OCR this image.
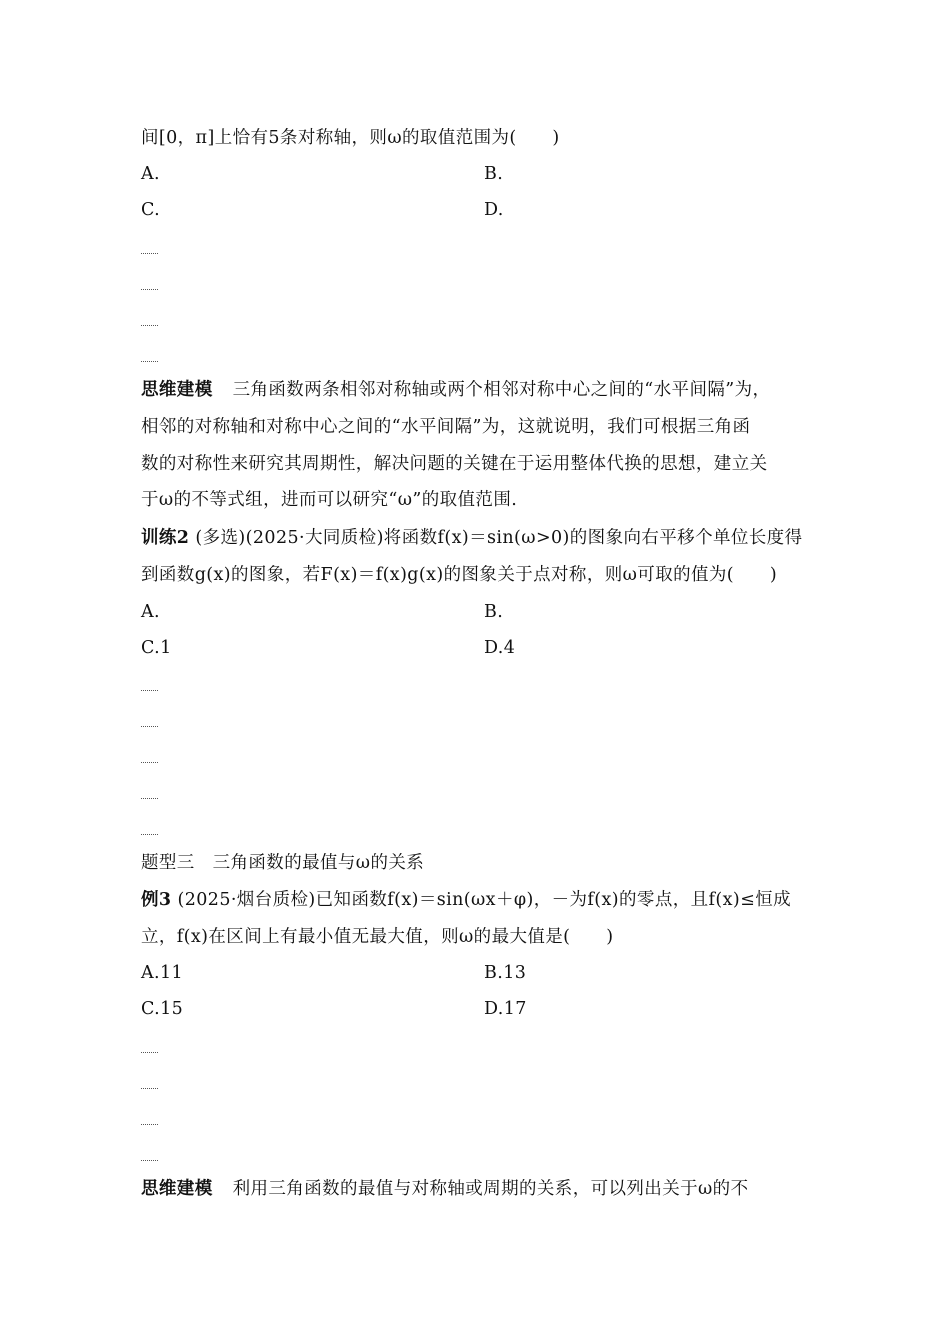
间[0，π]上恰有5条对称轴，则ω的取值范围为(　　)
A.	B.
C.	D.
思维建模 三角函数两条相邻对称轴或两个相邻对称中心之间的“水平间隔”为，
相邻的对称轴和对称中心之间的“水平间隔”为，这就说明，我们可根据三角函
数的对称性来研究其周期性，解决问题的关键在于运用整体代换的思想，建立关
于ω的不等式组，进而可以研究“ω”的取值范围.
训练2 (多选)(2025·大同质检)将函数f(x)＝sin(ω>0)的图象向右平移个单位长度得
到函数g(x)的图象，若F(x)＝f(x)g(x)的图象关于点对称，则ω可取的值为(　　)
A.	B.
C.1	D.4
题型三　三角函数的最值与ω的关系
例3 (2025·烟台质检)已知函数f(x)＝sin(ωx＋φ)，－为f(x)的零点，且f(x)≤恒成
立，f(x)在区间上有最小值无最大值，则ω的最大值是(　　)
A.11	B.13
C.15	D.17
思维建模 利用三角函数的最值与对称轴或周期的关系，可以列出关于ω的不
